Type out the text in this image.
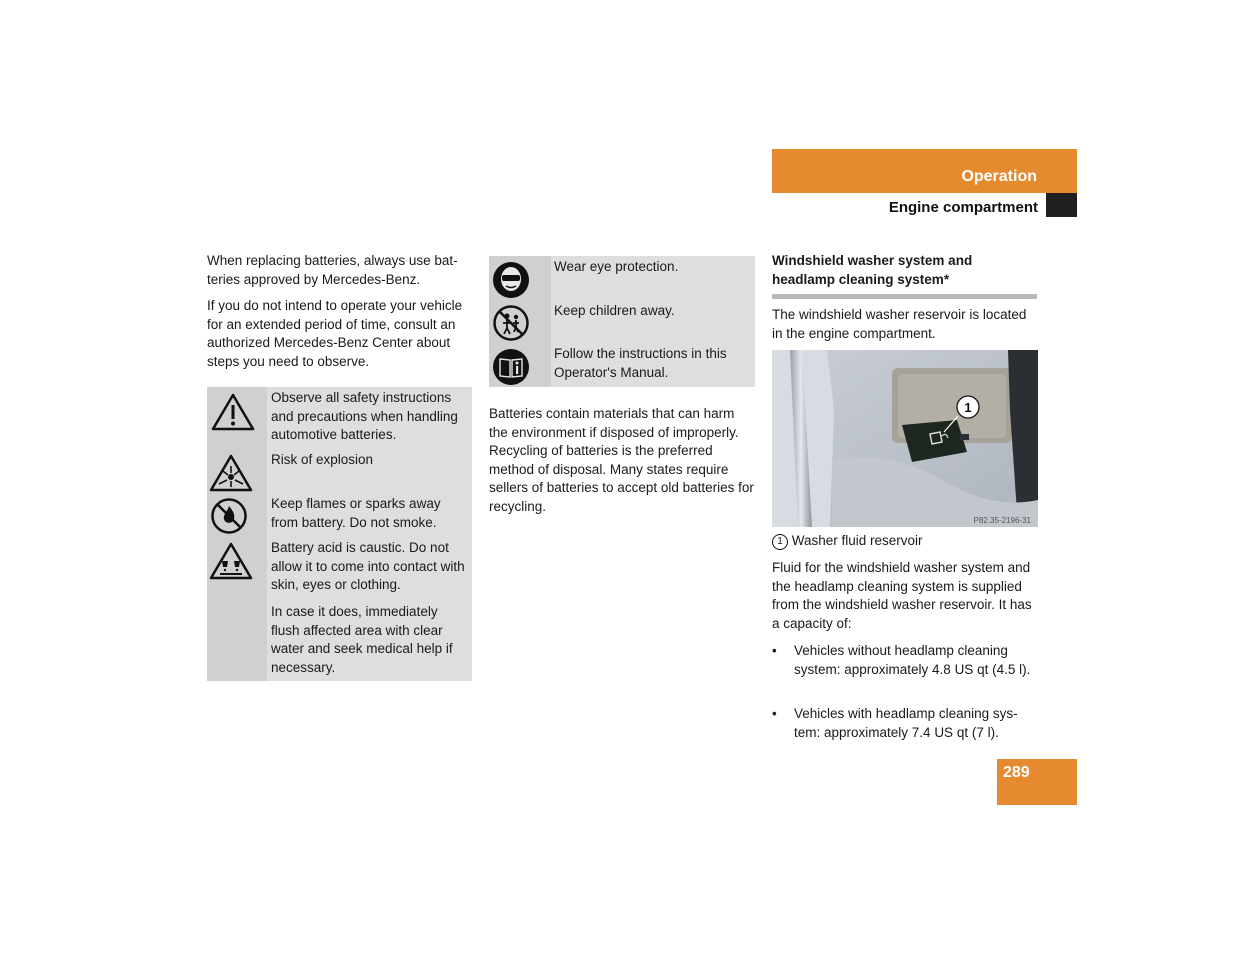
Operation
Engine compartment

When replacing batteries, always use bat-teries approved by Mercedes-Benz.

If you do not intend to operate your vehicle for an extended period of time, consult an authorized Mercedes-Benz Center about steps you need to observe.

Observe all safety instructions and precautions when handling automotive batteries.
Risk of explosion
Keep flames or sparks away from battery. Do not smoke.
Battery acid is caustic. Do not allow it to come into contact with skin, eyes or clothing.
In case it does, immediately flush affected area with clear water and seek medical help if necessary.
Wear eye protection.
Keep children away.
Follow the instructions in this Operator's Manual.

Batteries contain materials that can harm the environment if disposed of improperly. Recycling of batteries is the preferred method of disposal. Many states require sellers of batteries to accept old batteries for recycling.

Windshield washer system and headlamp cleaning system*

The windshield washer reservoir is located in the engine compartment.

1
P82.35-2196-31
1 Washer fluid reservoir

Fluid for the windshield washer system and the headlamp cleaning system is supplied from the windshield washer reservoir. It has a capacity of:

• Vehicles without headlamp cleaning system: approximately 4.8 US qt (4.5 l).
• Vehicles with headlamp cleaning sys-tem: approximately 7.4 US qt (7 l).
289
